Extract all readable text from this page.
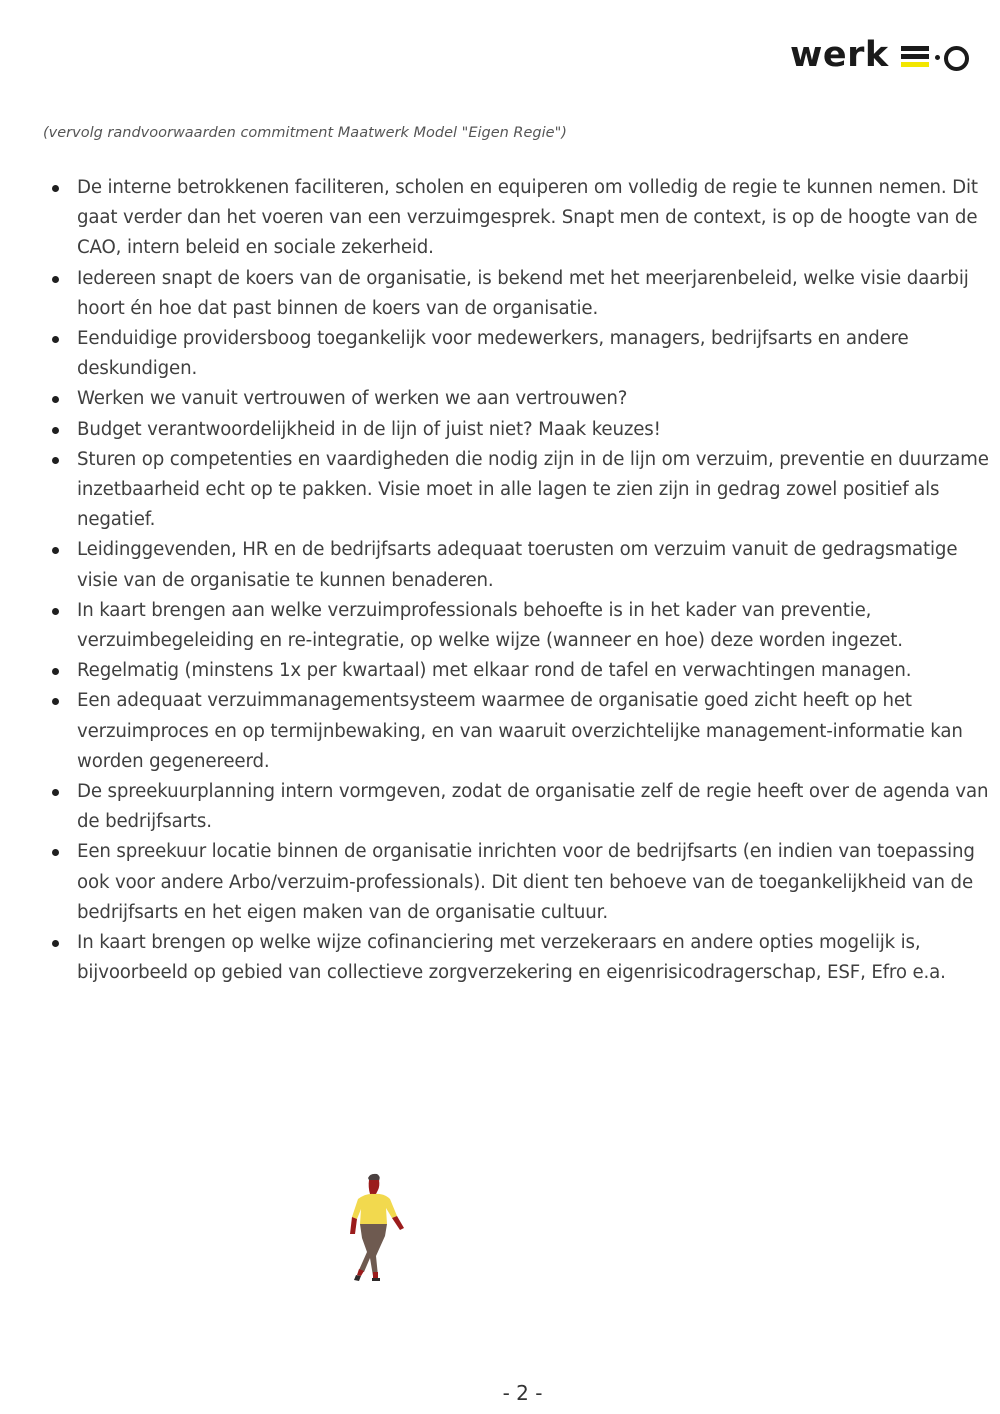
werk
(vervolg randvoorwaarden commitment Maatwerk Model "Eigen Regie")
De interne betrokkenen faciliteren, scholen en equiperen om volledig de regie te kunnen nemen. Dit gaat verder dan het voeren van een verzuimgesprek. Snapt men de context, is op de hoogte van de CAO, intern beleid en sociale zekerheid.
Iedereen snapt de koers van de organisatie, is bekend met het meerjarenbeleid, welke visie daarbij hoort én hoe dat past binnen de koers van de organisatie.
Eenduidige providersboog toegankelijk voor medewerkers, managers, bedrijfsarts en andere deskundigen.
Werken we vanuit vertrouwen of werken we aan vertrouwen?
Budget verantwoordelijkheid in de lijn of juist niet? Maak keuzes!
Sturen op competenties en vaardigheden die nodig zijn in de lijn om verzuim, preventie en duurzame inzetbaarheid echt op te pakken. Visie moet in alle lagen te zien zijn in gedrag zowel positief als negatief.
Leidinggevenden, HR en de bedrijfsarts adequaat toerusten om verzuim vanuit de gedragsmatige visie van de organisatie te kunnen benaderen.
In kaart brengen aan welke verzuimprofessionals behoefte is in het kader van preventie, verzuimbegeleiding en re-integratie, op welke wijze (wanneer en hoe) deze worden ingezet.
Regelmatig (minstens 1x per kwartaal) met elkaar rond de tafel en verwachtingen managen.
Een adequaat verzuimmanagementsysteem waarmee de organisatie goed zicht heeft op het verzuimproces en op termijnbewaking, en van waaruit overzichtelijke management-informatie kan worden gegenereerd.
De spreekuurplanning intern vormgeven, zodat de organisatie zelf de regie heeft over de agenda van de bedrijfsarts.
Een spreekuur locatie binnen de organisatie inrichten voor de bedrijfsarts (en indien van toepassing ook voor andere Arbo/verzuim-professionals). Dit dient ten behoeve van de toegankelijkheid van de bedrijfsarts en het eigen maken van de organisatie cultuur.
In kaart brengen op welke wijze cofinanciering met verzekeraars en andere opties mogelijk is, bijvoorbeeld op gebied van collectieve zorgverzekering en eigenrisicodragerschap, ESF, Efro e.a.
- 2 -
